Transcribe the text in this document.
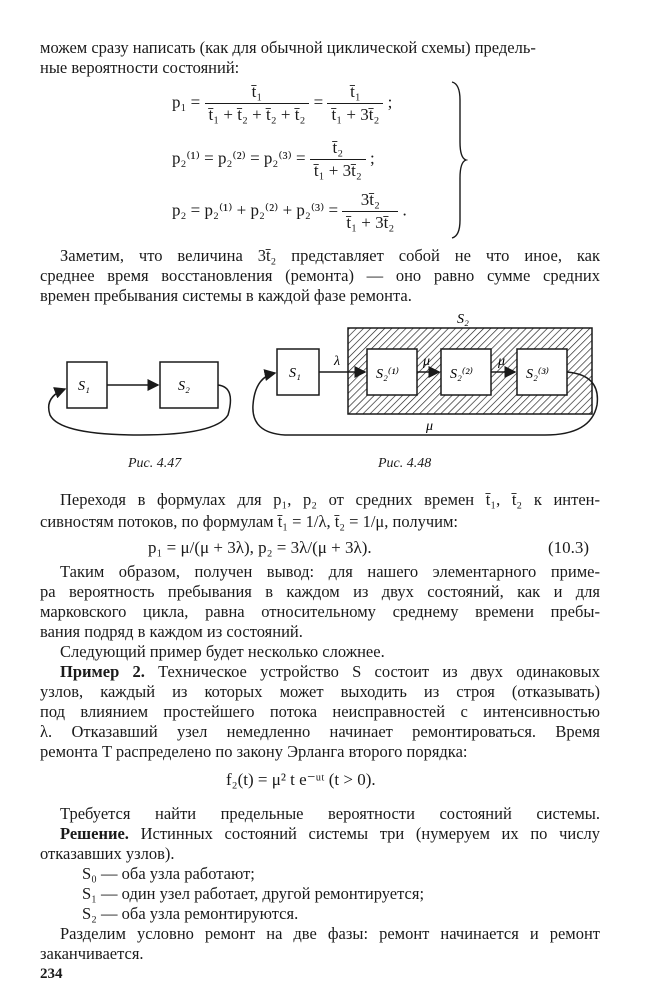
можем сразу написать (как для обычной циклической схемы) предель-
ные вероятности состояний:
$p_1 = \frac{\text{t̄₁}}{\text{t̄₁ + t̄₂ + t̄₂ + t̄₂}} = \frac{\text{t̄₁}}{\text{t̄₁ + 3t̄₂}}$ ;
$p_2^{(1)} = p_2^{(2)} = p_2^{(3)} = \frac{\text{t̄₂}}{\text{t̄₁ + 3t̄₂}}$ ;
$p_2 = p_2^{(1)} + p_2^{(2)} + p_2^{(3)} = \frac{\text{3t̄₂}}{\text{t̄₁ + 3t̄₂}}$ .
Заметим, что величина 3t̄₂ представляет собой не что иное, как
среднее время восстановления (ремонта) — оно равно сумме средних
времен пребывания системы в каждой фазе ремонта.
S₁	S₂
S₁	S₂⁽¹⁾	S₂⁽²⁾	S₂⁽³⁾
S₂
λ	μ	μ
μ
Рис. 4.47	Рис. 4.48
Переходя в формулах для p₁, p₂ от средних времен t̄₁, t̄₂ к интен-
сивностям потоков, по формулам t̄₁ = 1/λ, t̄₂ = 1/μ, получим:
p₁ = μ/(μ + 3λ), p₂ = 3λ/(μ + 3λ).	(10.3)
Таким образом, получен вывод: для нашего элементарного приме-
ра вероятность пребывания в каждом из двух состояний, как и для
марковского цикла, равна относительному среднему времени пребы-
вания подряд в каждом из состояний.
Следующий пример будет несколько сложнее.
Пример 2. Техническое устройство S состоит из двух одинаковых
узлов, каждый из которых может выходить из строя (отказывать)
под влиянием простейшего потока неисправностей с интенсивностью
λ. Отказавший узел немедленно начинает ремонтироваться. Время
ремонта T распределено по закону Эрланга второго порядка:
f₂(t) = μ² t e⁻ᵘᵗ (t > 0).
Требуется найти предельные вероятности состояний системы.
Решение. Истинных состояний системы три (нумеруем их по числу
отказавших узлов).
S₀ — оба узла работают;
S₁ — один узел работает, другой ремонтируется;
S₂ — оба узла ремонтируются.
Разделим условно ремонт на две фазы: ремонт начинается и ремонт
заканчивается.
234
